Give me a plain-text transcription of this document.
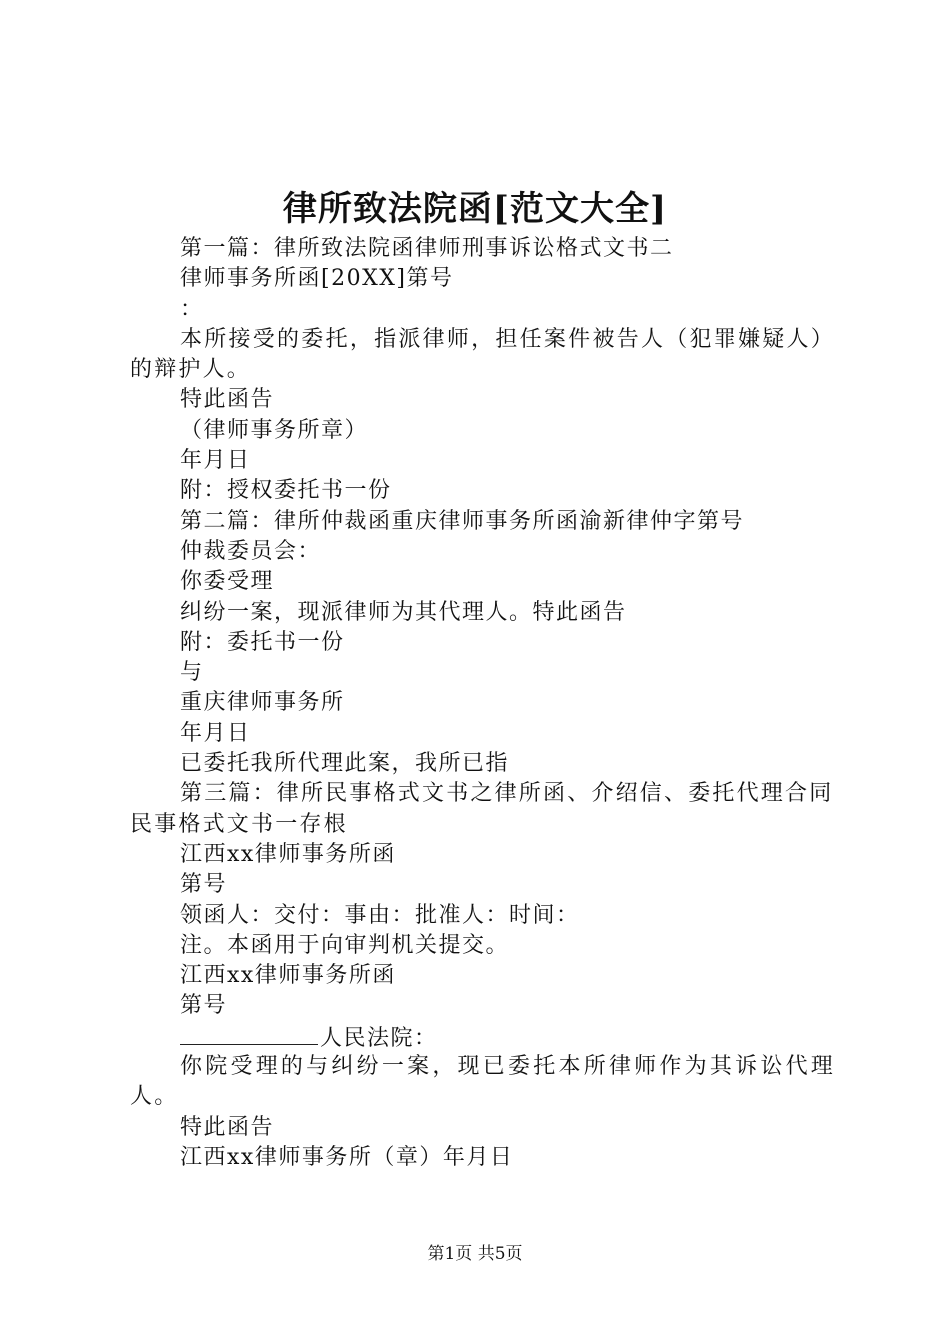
律所致法院函[范文大全]
第一篇：律所致法院函律师刑事诉讼格式文书二
律师事务所函[20XX]第号
：
本所接受的委托，指派律师，担任案件被告人（犯罪嫌疑人）的辩护人。
特此函告
（律师事务所章）
年月日
附：授权委托书一份
第二篇：律所仲裁函重庆律师事务所函渝新律仲字第号
仲裁委员会：
你委受理
纠纷一案，现派律师为其代理人。特此函告
附：委托书一份
与
重庆律师事务所
年月日
已委托我所代理此案，我所已指
第三篇：律所民事格式文书之律所函、介绍信、委托代理合同民事格式文书一存根
江西xx律师事务所函
第号
领函人：交付：事由：批准人：时间：
注。本函用于向审判机关提交。
江西xx律师事务所函
第号
人民法院：
你院受理的与纠纷一案，现已委托本所律师作为其诉讼代理人。
特此函告
江西xx律师事务所（章）年月日
第1页 共5页
